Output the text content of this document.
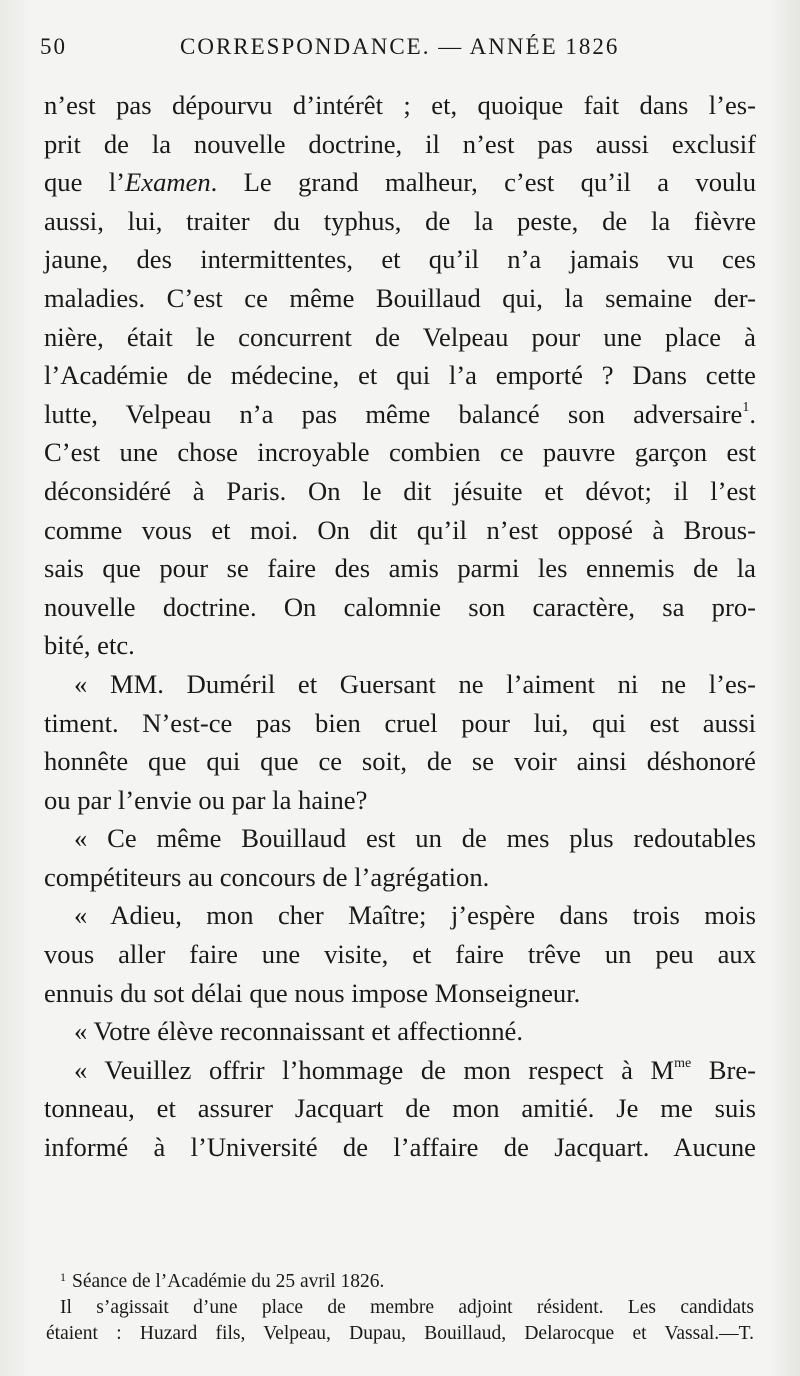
50	CORRESPONDANCE. — ANNÉE 1826
n’est pas dépourvu d’intérêt ; et, quoique fait dans l’es-
prit de la nouvelle doctrine, il n’est pas aussi exclusif
que l’Examen. Le grand malheur, c’est qu’il a voulu
aussi, lui, traiter du typhus, de la peste, de la fièvre
jaune, des intermittentes, et qu’il n’a jamais vu ces
maladies. C’est ce même Bouillaud qui, la semaine der-
nière, était le concurrent de Velpeau pour une place à
l’Académie de médecine, et qui l’a emporté ? Dans cette
lutte, Velpeau n’a pas même balancé son adversaire$^1$.
C’est une chose incroyable combien ce pauvre garçon est
déconsidéré à Paris. On le dit jésuite et dévot; il l’est
comme vous et moi. On dit qu’il n’est opposé à Brous-
sais que pour se faire des amis parmi les ennemis de la
nouvelle doctrine. On calomnie son caractère, sa pro-
bité, etc.
« MM. Duméril et Guersant ne l’aiment ni ne l’es-
timent. N’est-ce pas bien cruel pour lui, qui est aussi
honnête que qui que ce soit, de se voir ainsi déshonoré
ou par l’envie ou par la haine?
« Ce même Bouillaud est un de mes plus redoutables
compétiteurs au concours de l’agrégation.
« Adieu, mon cher Maître; j’espère dans trois mois
vous aller faire une visite, et faire trêve un peu aux
ennuis du sot délai que nous impose Monseigneur.
« Votre élève reconnaissant et affectionné.
« Veuillez offrir l’hommage de mon respect à $M^{me}$ Bre-
tonneau, et assurer Jacquart de mon amitié. Je me suis
informé à l’Université de l’affaire de Jacquart. Aucune
$^1$ Séance de l’Académie du 25 avril 1826.
Il s’agissait d’une place de membre adjoint résident. Les candidats
étaient : Huzard fils, Velpeau, Dupau, Bouillaud, Delarocque et Vassal.—T.
